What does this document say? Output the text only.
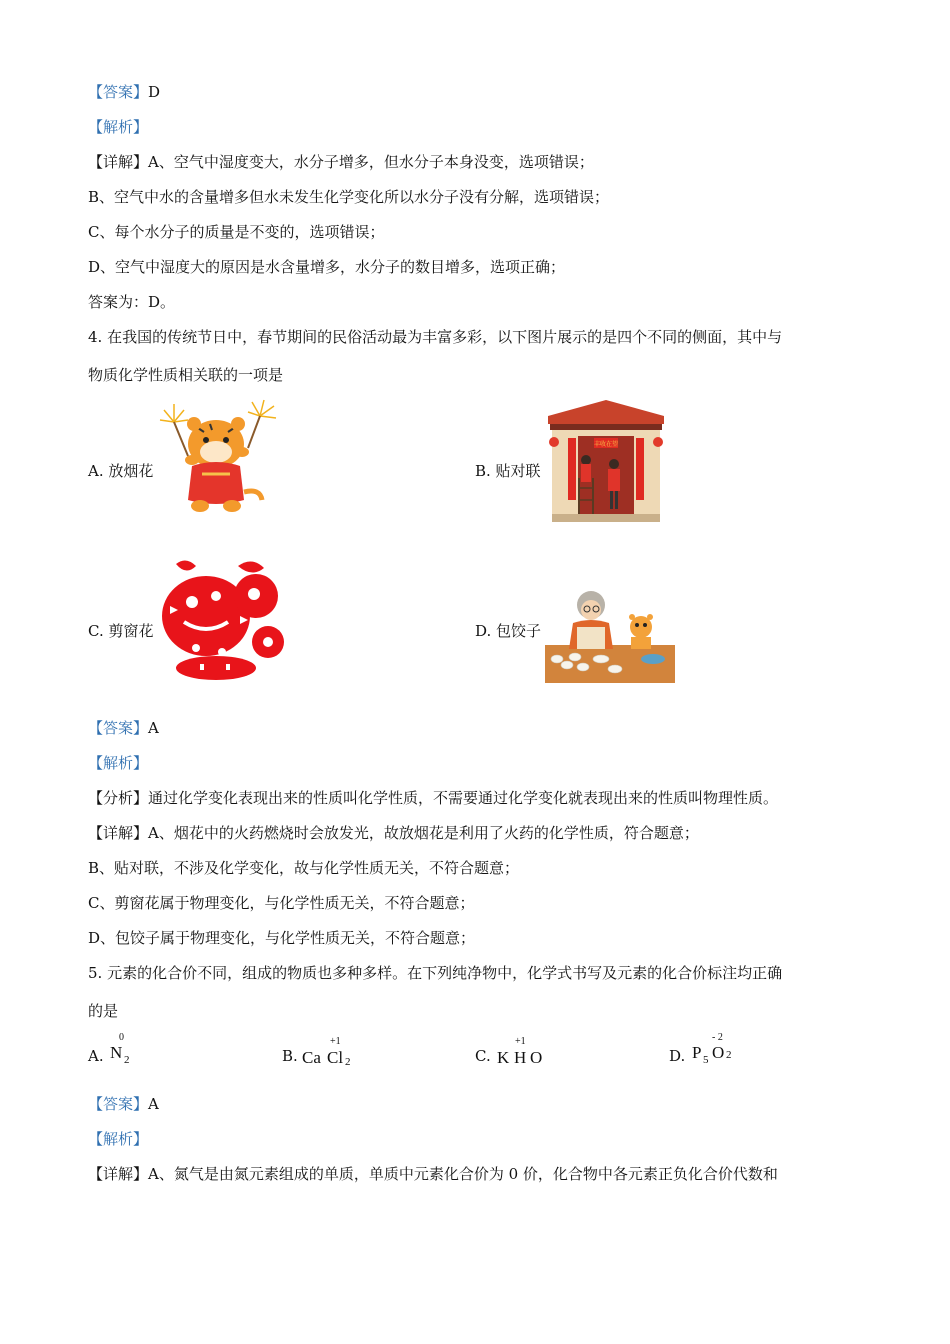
【答案】D
【解析】
【详解】A、空气中湿度变大，水分子增多，但水分子本身没变，选项错误；
B、空气中水的含量增多但水未发生化学变化所以水分子没有分解，选项错误；
C、每个水分子的质量是不变的，选项错误；
D、空气中湿度大的原因是水含量增多，水分子的数目增多，选项正确；
答案为：D。
4. 在我国的传统节日中，春节期间的民俗活动最为丰富多彩，以下图片展示的是四个不同的侧面，其中与
物质化学性质相关联的一项是
A. 放烟花	B. 贴对联
C. 剪窗花	D. 包饺子
丰收在望
【答案】A
【解析】
【分析】通过化学变化表现出来的性质叫化学性质，不需要通过化学变化就表现出来的性质叫物理性质。
【详解】A、烟花中的火药燃烧时会放发光，故放烟花是利用了火药的化学性质，符合题意；
B、贴对联，不涉及化学变化，故与化学性质无关，不符合题意；
C、剪窗花属于物理变化，与化学性质无关，不符合题意；
D、包饺子属于物理变化，与化学性质无关，不符合题意；
5. 元素的化合价不同，组成的物质也多种多样。在下列纯净物中，化学式书写及元素的化合价标注均正确
的是
A.
0
N 2	B. Ca
+1
Cl 2	C. K
+1
H O	D. P 5
- 2
O 2
【答案】A
【解析】
【详解】A、氮气是由氮元素组成的单质，单质中元素化合价为 0 价，化合物中各元素正负化合价代数和
